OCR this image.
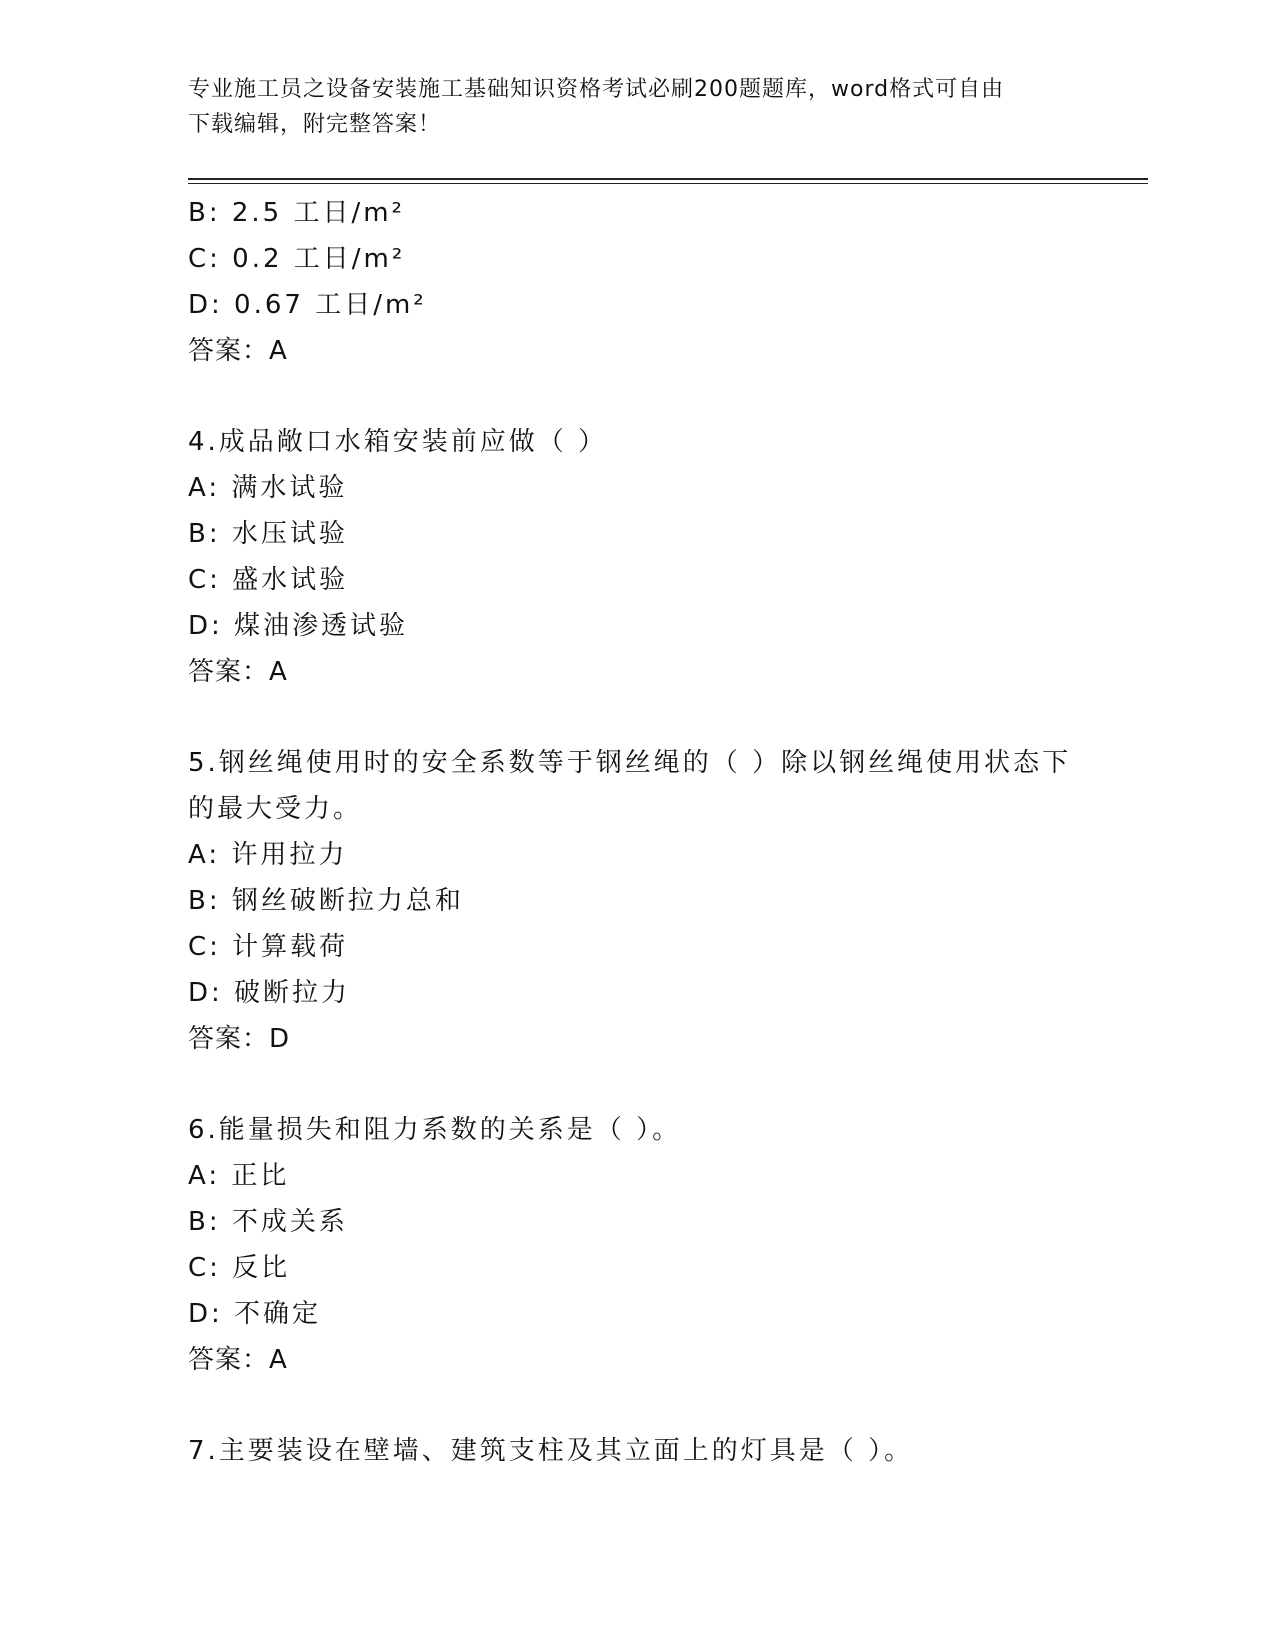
专业施工员之设备安装施工基础知识资格考试必刷200题题库，word格式可自由
下载编辑，附完整答案！
B: 2.5 工日/m²
C: 0.2 工日/m²
D: 0.67 工日/m²
答案：A
4.成品敞口水箱安装前应做（ ）
A: 满水试验
B: 水压试验
C: 盛水试验
D: 煤油渗透试验
答案：A
5.钢丝绳使用时的安全系数等于钢丝绳的（ ）除以钢丝绳使用状态下
的最大受力。
A: 许用拉力
B: 钢丝破断拉力总和
C: 计算载荷
D: 破断拉力
答案：D
6.能量损失和阻力系数的关系是（ ）。
A: 正比
B: 不成关系
C: 反比
D: 不确定
答案：A
7.主要装设在壁墙、建筑支柱及其立面上的灯具是（ ）。
